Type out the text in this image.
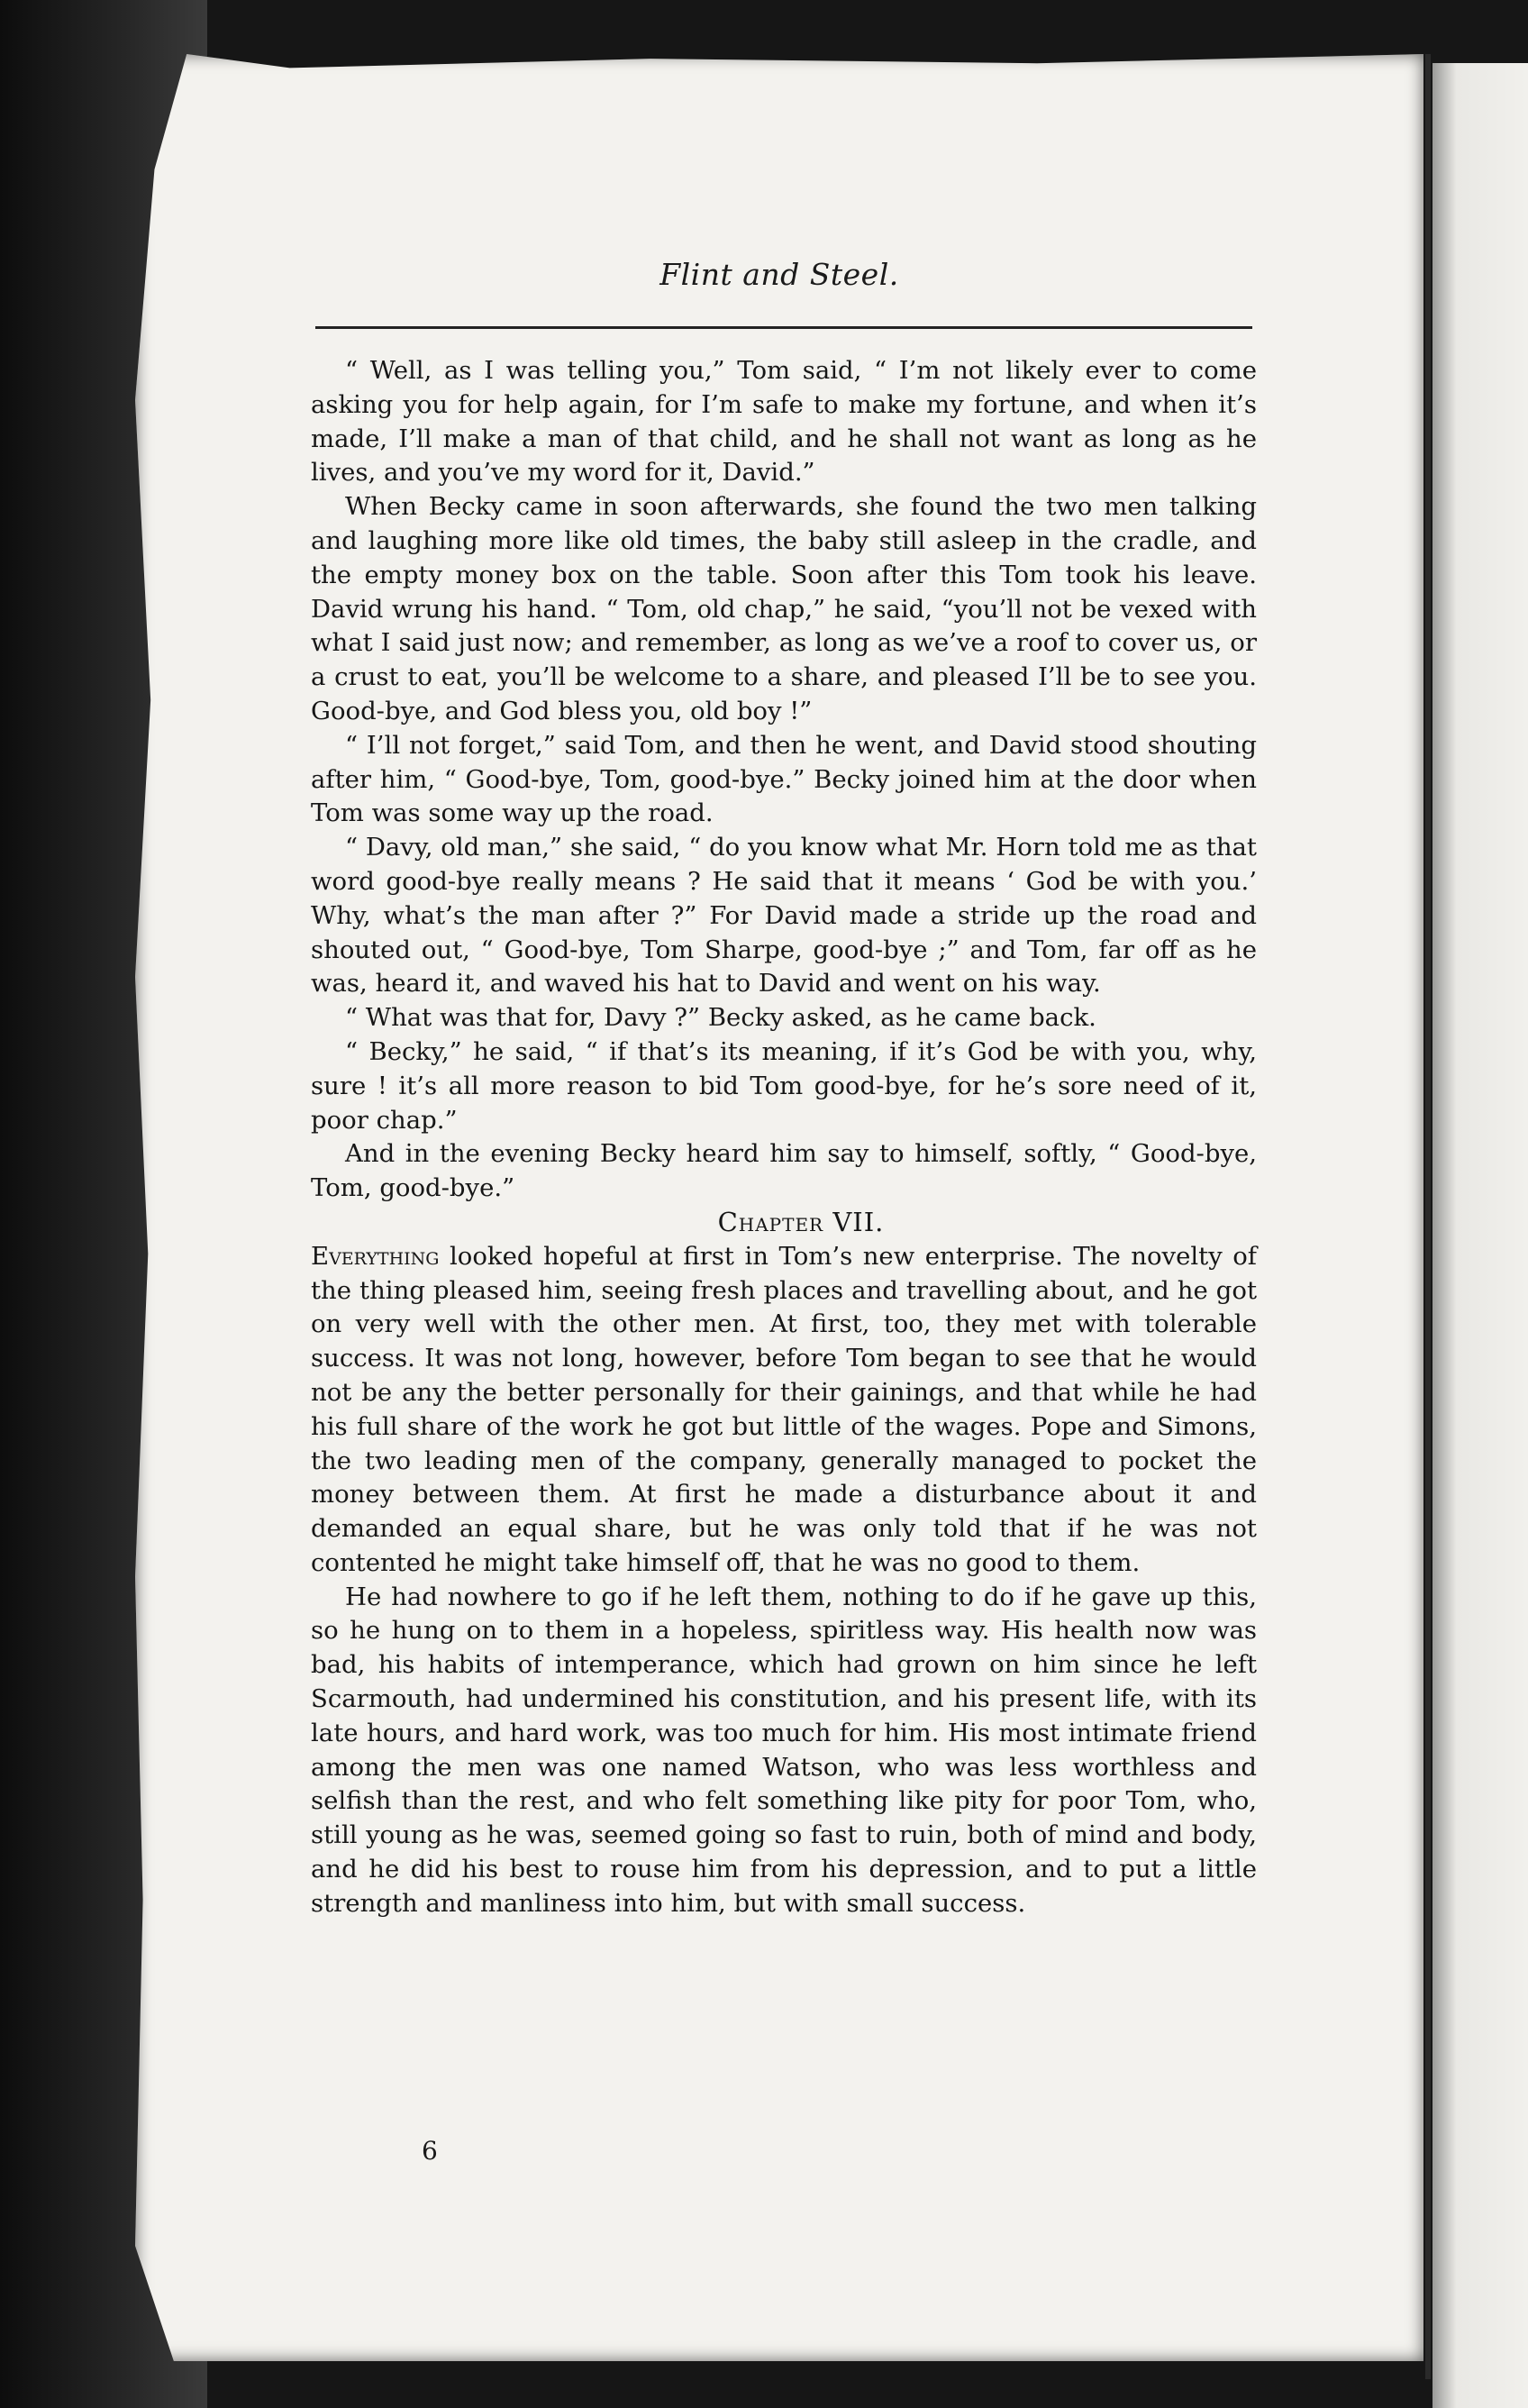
Flint and Steel.

“ Well, as I was telling you,” Tom said, “ I’m not likely ever to come asking you for help again, for I’m safe to make my fortune, and when it’s made, I’ll make a man of that child, and he shall not want as long as he lives, and you’ve my word for it, David.”

When Becky came in soon afterwards, she found the two men talking and laughing more like old times, the baby still asleep in the cradle, and the empty money box on the table. Soon after this Tom took his leave. David wrung his hand. “ Tom, old chap,” he said, “you’ll not be vexed with what I said just now; and remember, as long as we’ve a roof to cover us, or a crust to eat, you’ll be welcome to a share, and pleased I’ll be to see you. Good-bye, and God bless you, old boy !”

“ I’ll not forget,” said Tom, and then he went, and David stood shouting after him, “ Good-bye, Tom, good-bye.” Becky joined him at the door when Tom was some way up the road.

“ Davy, old man,” she said, “ do you know what Mr. Horn told me as that word good-bye really means ? He said that it means ‘ God be with you.’ Why, what’s the man after ?” For David made a stride up the road and shouted out, “ Good-bye, Tom Sharpe, good-bye ;” and Tom, far off as he was, heard it, and waved his hat to David and went on his way.

“ What was that for, Davy ?” Becky asked, as he came back.

“ Becky,” he said, “ if that’s its meaning, if it’s God be with you, why, sure ! it’s all more reason to bid Tom good-bye, for he’s sore need of it, poor chap.”

And in the evening Becky heard him say to himself, softly, “ Good-bye, Tom, good-bye.”

Chapter VII.

Everything looked hopeful at first in Tom’s new enterprise. The novelty of the thing pleased him, seeing fresh places and travelling about, and he got on very well with the other men. At first, too, they met with tolerable success. It was not long, however, before Tom began to see that he would not be any the better personally for their gainings, and that while he had his full share of the work he got but little of the wages. Pope and Simons, the two leading men of the company, generally managed to pocket the money between them. At first he made a disturbance about it and demanded an equal share, but he was only told that if he was not contented he might take himself off, that he was no good to them.

He had nowhere to go if he left them, nothing to do if he gave up this, so he hung on to them in a hopeless, spiritless way. His health now was bad, his habits of intemperance, which had grown on him since he left Scarmouth, had undermined his constitution, and his present life, with its late hours, and hard work, was too much for him. His most intimate friend among the men was one named Watson, who was less worthless and selfish than the rest, and who felt something like pity for poor Tom, who, still young as he was, seemed going so fast to ruin, both of mind and body, and he did his best to rouse him from his depression, and to put a little strength and manliness into him, but with small success.

6
